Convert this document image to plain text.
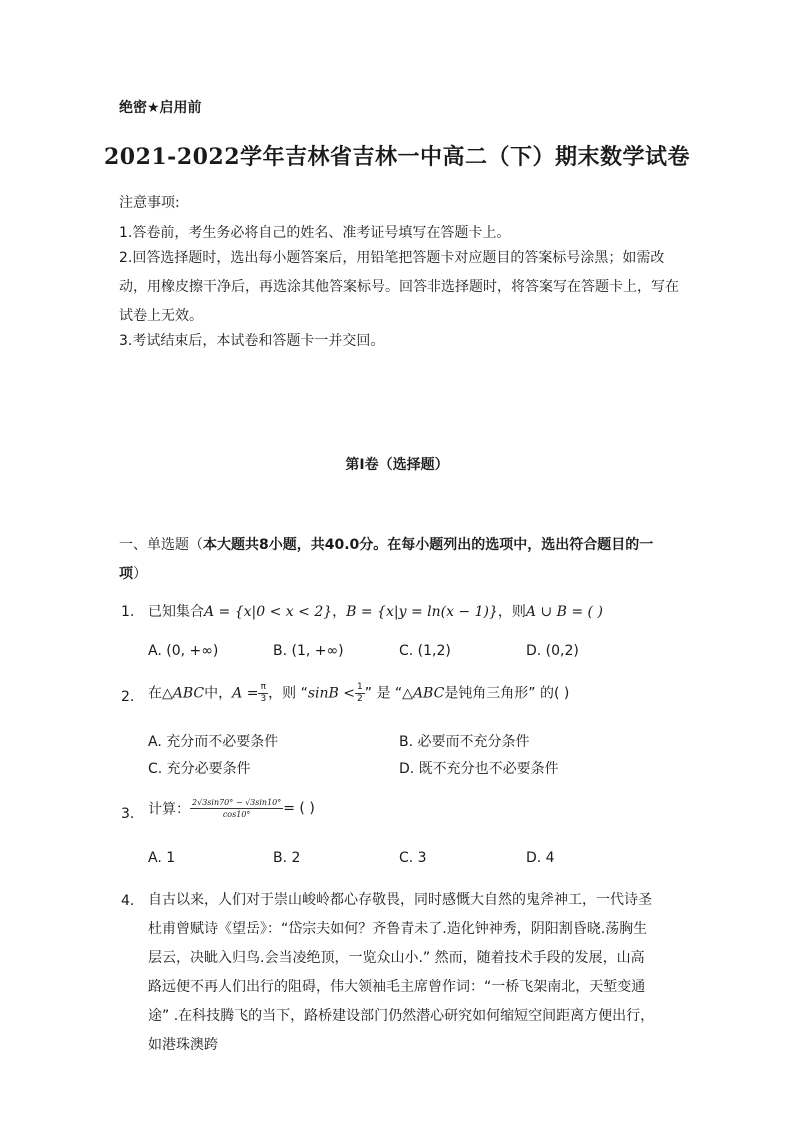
绝密★启用前
2021-2022学年吉林省吉林一中高二（下）期末数学试卷
注意事项:
1.答卷前，考生务必将自己的姓名、准考证号填写在答题卡上。
2.回答选择题时，选出每小题答案后，用铅笔把答题卡对应题目的答案标号涂黑；如需改动，用橡皮擦干净后，再选涂其他答案标号。回答非选择题时，将答案写在答题卡上，写在试卷上无效。
3.考试结束后，本试卷和答题卡一并交回。
第I卷（选择题）
一、单选题（本大题共8小题，共40.0分。在每小题列出的选项中，选出符合题目的一项）
1. 已知集合A = {x|0 < x < 2}，B = {x|y = ln(x − 1)}，则A ∪ B = ( )
A. (0, +∞)	B. (1, +∞)	C. (1,2)	D. (0,2)
2. 在△ABC中，$A = \frac{\pi}{3}$ ，则 “$\sin B < \frac{1}{2}$ ” 是 “△ABC是钝角三角形” 的( )
A. 充分而不必要条件	B. 必要而不充分条件
C. 充分必要条件	D. 既不充分也不必要条件
3. 计算： $\frac{2√3\sin 70^\circ - √3\sin 10^\circ}{\cos 10^\circ}$ = ( )
A. 1	B. 2	C. 3	D. 4
4. 自古以来，人们对于崇山峻岭都心存敬畏，同时感慨大自然的鬼斧神工，一代诗圣杜甫曾赋诗《望岳》：“岱宗夫如何？齐鲁青未了.造化钟神秀，阴阳割昏晓.荡胸生层云，决眦入归鸟.会当凌绝顶，一览众山小.” 然而，随着技术手段的发展，山高路远便不再人们出行的阻碍，伟大领袖毛主席曾作词：“一桥飞架南北，天堑变通途” .在科技腾飞的当下，路桥建设部门仍然潜心研究如何缩短空间距离方便出行，如港珠澳跨
